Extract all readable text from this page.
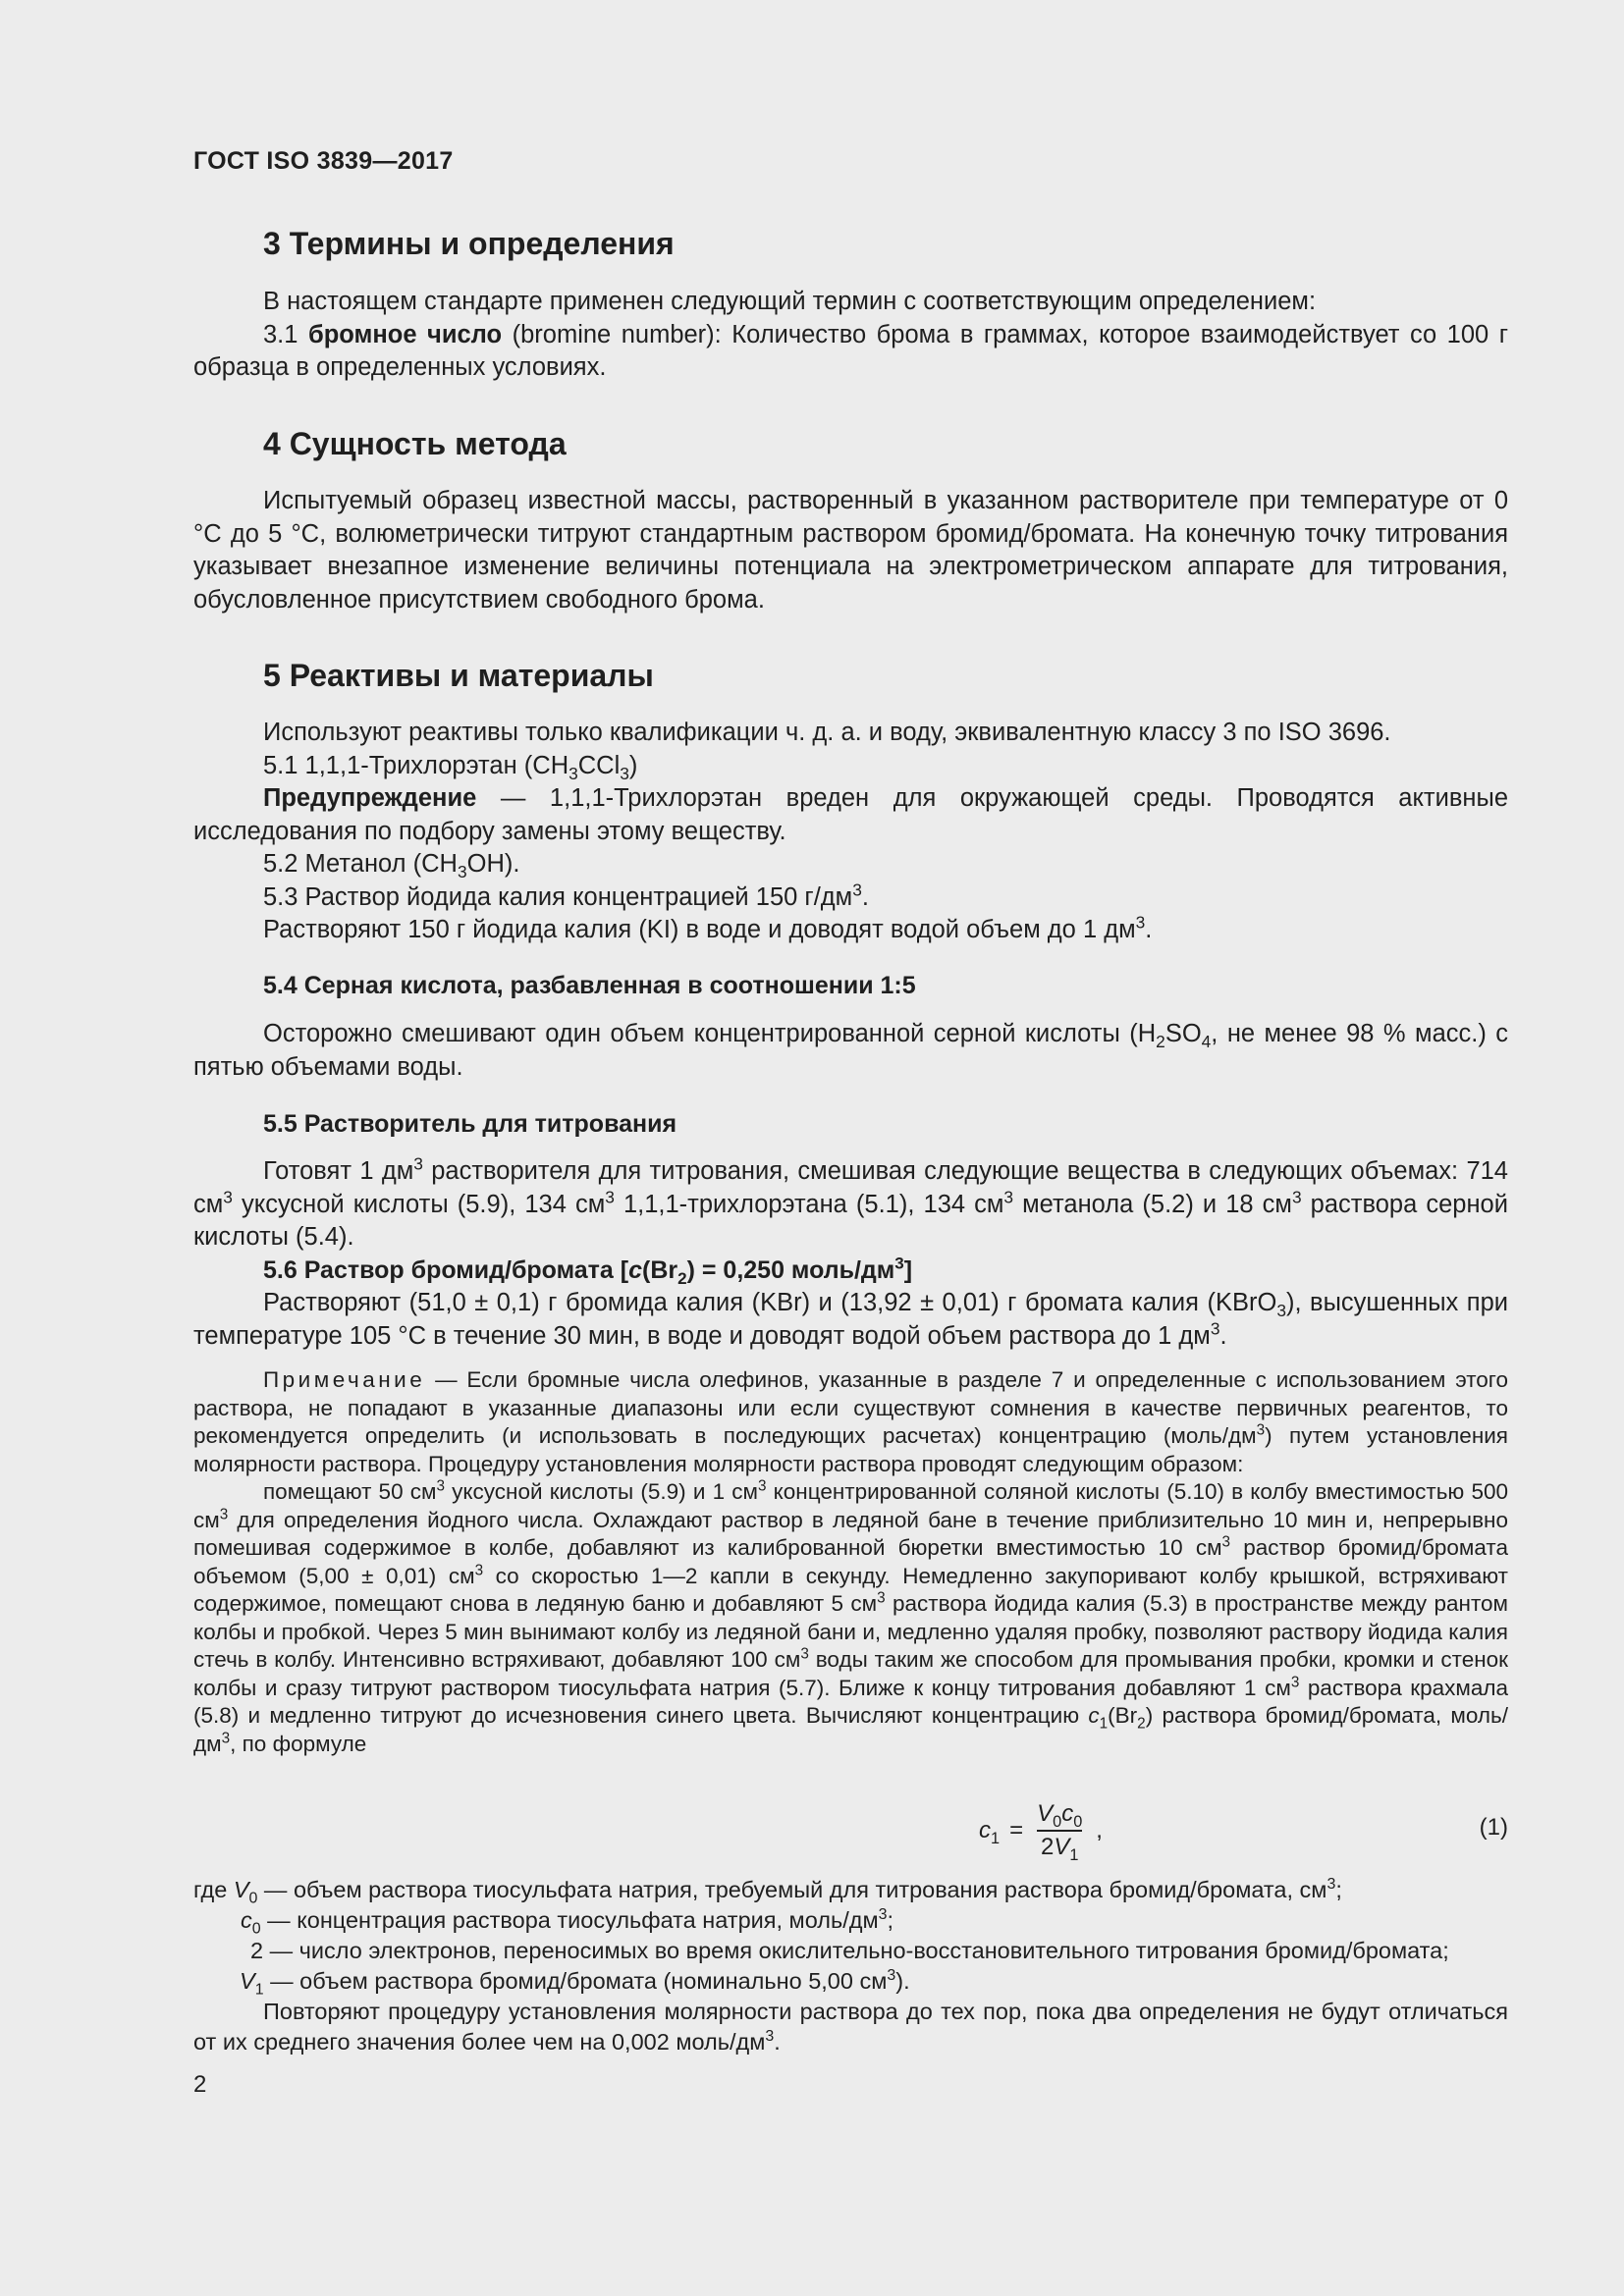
ГОСТ ISO 3839—2017
3 Термины и определения

В настоящем стандарте применен следующий термин с соответствующим определением:

3.1 бромное число (bromine number): Количество брома в граммах, которое взаимодействует со 100 г образца в определенных условиях.

4 Сущность метода

Испытуемый образец известной массы, растворенный в указанном растворителе при температуре от 0 °С до 5 °С, волюметрически титруют стандартным раствором бромид/бромата. На конечную точку титрования указывает внезапное изменение величины потенциала на электрометрическом аппарате для титрования, обусловленное присутствием свободного брома.

5 Реактивы и материалы

Используют реактивы только квалификации ч. д. а. и воду, эквивалентную классу 3 по ISO 3696.

5.1 1,1,1-Трихлорэтан $(CH_3CCl_3)$

Предупреждение — 1,1,1-Трихлорэтан вреден для окружающей среды. Проводятся активные исследования по подбору замены этому веществу.

5.2 Метанол $(CH_3OH)$.

5.3 Раствор йодида калия концентрацией 150 $г/дм^3$.

Растворяют 150 г йодида калия (KI) в воде и доводят водой объем до 1 $дм^3$.

5.4 Серная кислота, разбавленная в соотношении 1:5

Осторожно смешивают один объем концентрированной серной кислоты ($H_2SO_4$, не менее 98 % масс.) с пятью объемами воды.

5.5 Растворитель для титрования

Готовят 1 $дм^3$ растворителя для титрования, смешивая следующие вещества в следующих объемах: 714 $см^3$ уксусной кислоты (5.9), 134 $см^3$ 1,1,1-трихлорэтана (5.1), 134 $см^3$ метанола (5.2) и 18 $см^3$ раствора серной кислоты (5.4).

5.6 Раствор бромид/бромата [$c(Br_2) = 0,250$ моль/$дм^3$]

Растворяют (51,0 ± 0,1) г бромида калия (KBr) и (13,92 ± 0,01) г бромата калия (KBrO$_3$), высушенных при температуре 105 °С в течение 30 мин, в воде и доводят водой объем раствора до 1 $дм^3$.

Примечание — Если бромные числа олефинов, указанные в разделе 7 и определенные с использованием этого раствора, не попадают в указанные диапазоны или если существуют сомнения в качестве первичных реагентов, то рекомендуется определить (и использовать в последующих расчетах) концентрацию $(моль/дм^3)$ путем установления молярности раствора. Процедуру установления молярности раствора проводят следующим образом:

помещают 50 $см^3$ уксусной кислоты (5.9) и 1 $см^3$ концентрированной соляной кислоты (5.10) в колбу вместимостью 500 $см^3$ для определения йодного числа. Охлаждают раствор в ледяной бане в течение приблизительно 10 мин и, непрерывно помешивая содержимое в колбе, добавляют из калиброванной бюретки вместимостью 10 $см^3$ раствор бромид/бромата объемом (5,00 ± 0,01) $см^3$ со скоростью 1—2 капли в секунду. Немедленно закупоривают колбу крышкой, встряхивают содержимое, помещают снова в ледяную баню и добавляют 5 $см^3$ раствора йодида калия (5.3) в пространстве между рантом колбы и пробкой. Через 5 мин вынимают колбу из ледяной бани и, медленно удаляя пробку, позволяют раствору йодида калия стечь в колбу. Интенсивно встряхивают, добавляют 100 $см^3$ воды таким же способом для промывания пробки, кромки и стенок колбы и сразу титруют раствором тиосульфата натрия (5.7). Ближе к концу титрования добавляют 1 $см^3$ раствора крахмала (5.8) и медленно титруют до исчезновения синего цвета. Вычисляют концентрацию $c_1(Br_2)$ раствора бромид/бромата, моль/$дм^3$, по формуле

$c_1 = \frac{V_0c_0}{2V_1}$ ,	(1)

где $V_0$ — объем раствора тиосульфата натрия, требуемый для титрования раствора бромид/бромата, $см^3$;

$c_0$ — концентрация раствора тиосульфата натрия, моль/$дм^3$;

2 — число электронов, переносимых во время окислительно-восстановительного титрования бромид/бромата;

$V_1$ — объем раствора бромид/бромата (номинально 5,00 $см^3$).

Повторяют процедуру установления молярности раствора до тех пор, пока два определения не будут отличаться от их среднего значения более чем на 0,002 моль/$дм^3$.

2
